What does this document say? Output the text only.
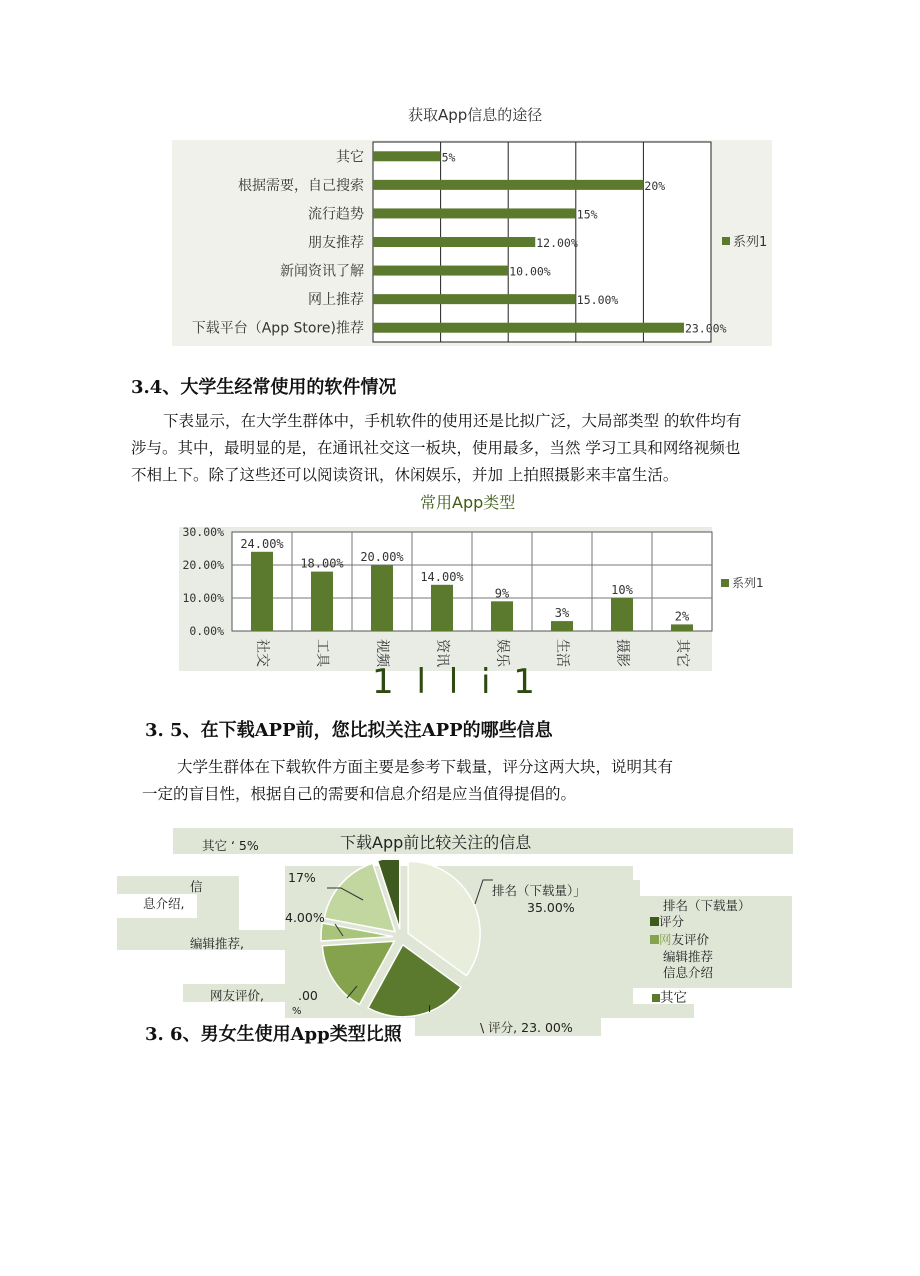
获取App信息的途径
其它	5%
根据需要，自己搜索	20%
流行趋势	15%
朋友推荐	12.00%
新闻资讯了解	10.00%
网上推荐	15.00%
下载平台（App Store)推荐	23.00%
系列1
3.4、大学生经常使用的软件情况

下表显示，在大学生群体中，手机软件的使用还是比拟广泛，大局部类型 的软件均有

涉与。其中，最明显的是，在通讯社交这一板块，使用最多，当然 学习工具和网络视频也

不相上下。除了这些还可以阅读资讯，休闲娱乐，并加 上拍照摄影来丰富生活。

常用App类型
0.00%
10.00%
20.00%
30.00%
24.00%
社交
18.00%
工具
20.00%
视频
14.00%
资讯
9%
娱乐
3%
生活
10%
摄影
2%
其它
系列1
1 l l i 1
3. 5、在下载APP前，您比拟关注APP的哪些信息

大学生群体在下载软件方面主要是参考下载量，评分这两大块，说明其有

一定的盲目性，根据自己的需要和信息介绍是应当值得提倡的。

3. 6、男女生使用App类型比照
下载App前比较关注的信息
其它 ‘ 5%
信
息介绍,
17%
编辑推荐,
4.00%
网友评价,	.00
%
排名（下载量）」
35.00%
\ 评分, 23. 00%
I
排名（下载量）
评分
网友评价
编辑推荐
信息介绍
其它
